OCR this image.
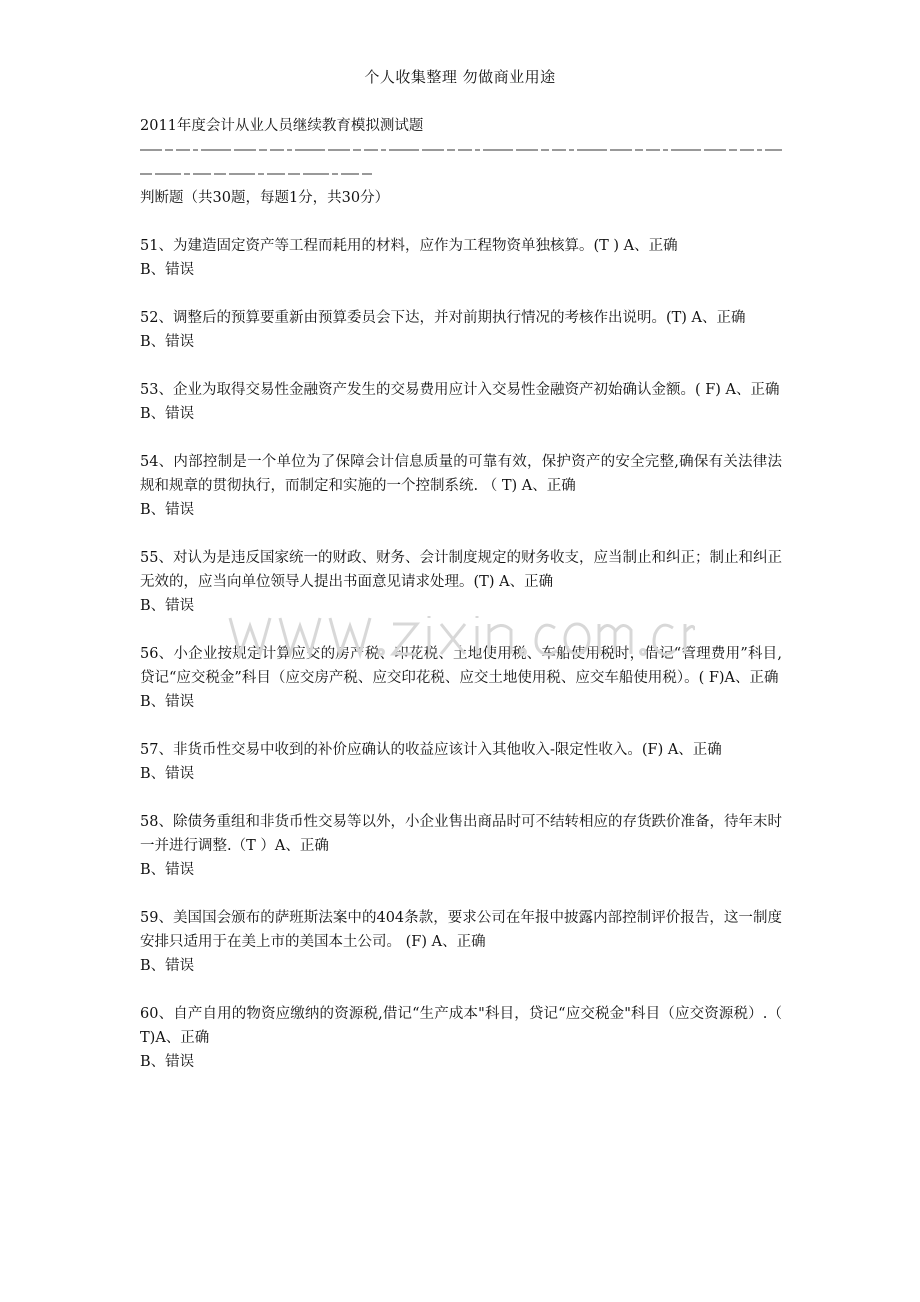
个人收集整理 勿做商业用途
2011年度会计从业人员继续教育模拟测试题

判断题（共30题，每题1分，共30分）

51、为建造固定资产等工程而耗用的材料，应作为工程物资单独核算。(T ) A、正确

B、错误

52、调整后的预算要重新由预算委员会下达，并对前期执行情况的考核作出说明。(T) A、正确

B、错误

53、企业为取得交易性金融资产发生的交易费用应计入交易性金融资产初始确认金额。( F) A、正确

B、错误

54、内部控制是一个单位为了保障会计信息质量的可靠有效，保护资产的安全完整,确保有关法律法规和规章的贯彻执行，而制定和实施的一个控制系统. （ T) A、正确

B、错误

55、对认为是违反国家统一的财政、财务、会计制度规定的财务收支，应当制止和纠正；制止和纠正无效的，应当向单位领导人提出书面意见请求处理。(T) A、正确

B、错误

56、小企业按规定计算应交的房产税、印花税、土地使用税、车船使用税时，借记“管理费用”科目,贷记“应交税金”科目（应交房产税、应交印花税、应交土地使用税、应交车船使用税）。( F)A、正确

B、错误

57、非货币性交易中收到的补价应确认的收益应该计入其他收入-限定性收入。(F) A、正确

B、错误

58、除债务重组和非货币性交易等以外，小企业售出商品时可不结转相应的存货跌价准备，待年末时一并进行调整.（T ）A、正确

B、错误

59、美国国会颁布的萨班斯法案中的404条款，要求公司在年报中披露内部控制评价报告，这一制度安排只适用于在美上市的美国本土公司。 (F) A、正确

B、错误

60、自产自用的物资应缴纳的资源税,借记“生产成本"科目，贷记“应交税金"科目（应交资源税）.（ T)A、正确

B、错误
